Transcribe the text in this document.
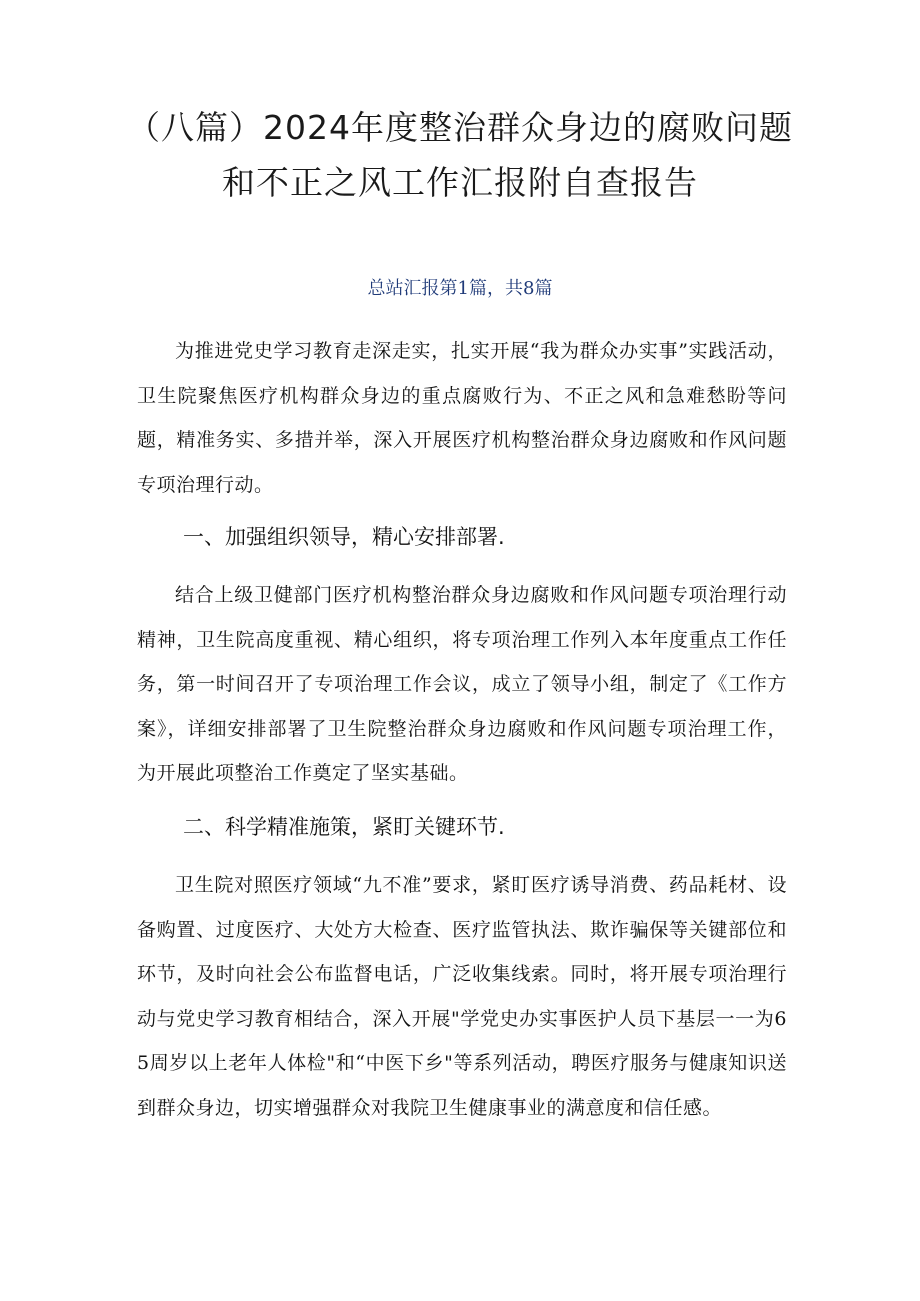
（八篇）2024年度整治群众身边的腐败问题和不正之风工作汇报附自查报告

总站汇报第1篇，共8篇

为推进党史学习教育走深走实，扎实开展“我为群众办实事”实践活动，卫生院聚焦医疗机构群众身边的重点腐败行为、不正之风和急难愁盼等问题，精准务实、多措并举，深入开展医疗机构整治群众身边腐败和作风问题专项治理行动。

一、加强组织领导，精心安排部署.

结合上级卫健部门医疗机构整治群众身边腐败和作风问题专项治理行动精神，卫生院高度重视、精心组织，将专项治理工作列入本年度重点工作任务，第一时间召开了专项治理工作会议，成立了领导小组，制定了《工作方案》，详细安排部署了卫生院整治群众身边腐败和作风问题专项治理工作，为开展此项整治工作奠定了坚实基础。

二、科学精准施策，紧盯关键环节.

卫生院对照医疗领域“九不准”要求，紧盯医疗诱导消费、药品耗材、设备购置、过度医疗、大处方大检查、医疗监管执法、欺诈骗保等关键部位和环节，及时向社会公布监督电话，广泛收集线索。同时，将开展专项治理行动与党史学习教育相结合，深入开展"学党史办实事医护人员下基层一一为65周岁以上老年人体检"和“中医下乡"等系列活动，聘医疗服务与健康知识送到群众身边，切实增强群众对我院卫生健康事业的满意度和信任感。
